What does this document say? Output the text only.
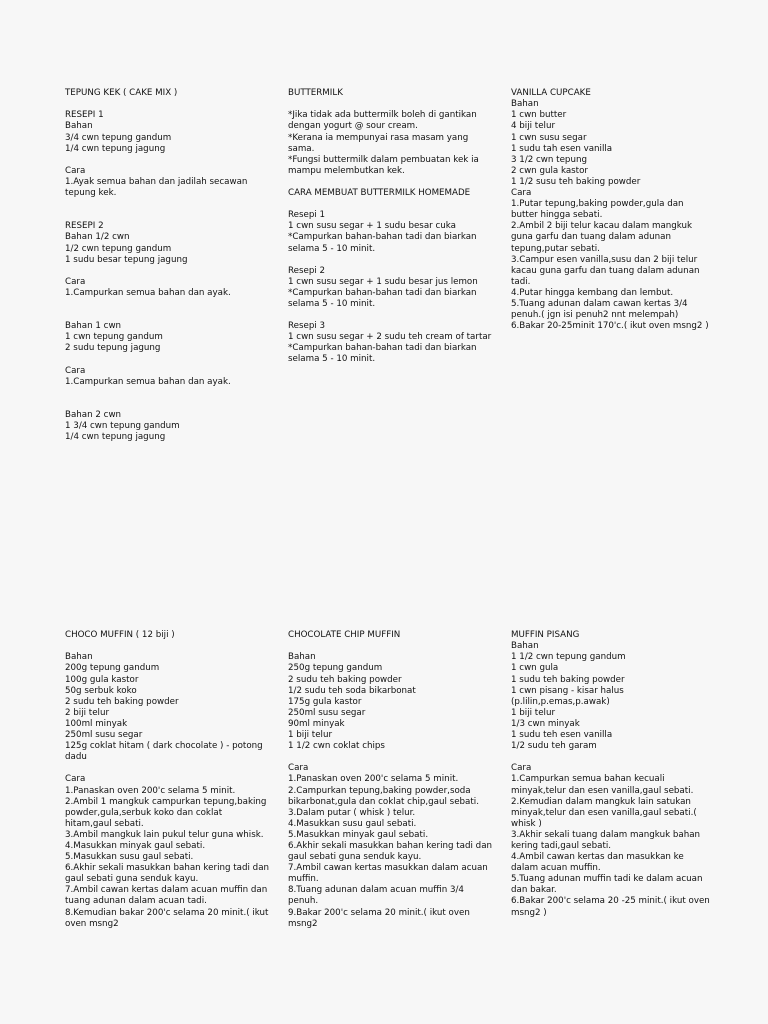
TEPUNG KEK ( CAKE MIX )

RESEPI 1
Bahan
3/4 cwn tepung gandum
1/4 cwn tepung jagung

Cara
1.Ayak semua bahan dan jadilah secawan tepung kek.

RESEPI 2
Bahan 1/2 cwn
1/2 cwn tepung gandum
1 sudu besar tepung jagung

Cara
1.Campurkan semua bahan dan ayak.

Bahan 1 cwn
1 cwn tepung gandum
2 sudu tepung jagung

Cara
1.Campurkan semua bahan dan ayak.

Bahan 2 cwn
1 3/4 cwn tepung gandum
1/4 cwn tepung jagung

BUTTERMILK

*Jika tidak ada buttermilk boleh di gantikan dengan yogurt @ sour cream.
*Kerana ia mempunyai rasa masam yang sama.
*Fungsi buttermilk dalam pembuatan kek ia mampu melembutkan kek.

CARA MEMBUAT BUTTERMILK HOMEMADE

Resepi 1
1 cwn susu segar + 1 sudu besar cuka
*Campurkan bahan-bahan tadi dan biarkan selama 5 - 10 minit.

Resepi 2
1 cwn susu segar + 1 sudu besar jus lemon
*Campurkan bahan-bahan tadi dan biarkan selama 5 - 10 minit.

Resepi 3
1 cwn susu segar + 2 sudu teh cream of tartar
*Campurkan bahan-bahan tadi dan biarkan selama 5 - 10 minit.

VANILLA CUPCAKE
Bahan
1 cwn butter
4 biji telur
1 cwn susu segar
1 sudu tah esen vanilla
3 1/2 cwn tepung
2 cwn gula kastor
1 1/2 susu teh baking powder
Cara
1.Putar tepung,baking powder,gula dan butter hingga sebati.
2.Ambil 2 biji telur kacau dalam mangkuk guna garfu dan tuang dalam adunan tepung,putar sebati.
3.Campur esen vanilla,susu dan 2 biji telur kacau guna garfu dan tuang dalam adunan tadi.
4.Putar hingga kembang dan lembut.
5.Tuang adunan dalam cawan kertas 3/4 penuh.( jgn isi penuh2 nnt melempah)
6.Bakar 20-25minit 170'c.( ikut oven msng2 )

CHOCO MUFFIN ( 12 biji )

Bahan
200g tepung gandum
100g gula kastor
50g serbuk koko
2 sudu teh baking powder
2 biji telur
100ml minyak
250ml susu segar
125g coklat hitam ( dark chocolate ) - potong dadu

Cara
1.Panaskan oven 200'c selama 5 minit.
2.Ambil 1 mangkuk campurkan tepung,baking powder,gula,serbuk koko dan coklat hitam,gaul sebati.
3.Ambil mangkuk lain pukul telur guna whisk.
4.Masukkan minyak gaul sebati.
5.Masukkan susu gaul sebati.
6.Akhir sekali masukkan bahan kering tadi dan gaul sebati guna senduk kayu.
7.Ambil cawan kertas dalam acuan muffin dan tuang adunan dalam acuan tadi.
8.Kemudian bakar 200'c selama 20 minit.( ikut oven msng2

CHOCOLATE CHIP MUFFIN

Bahan
250g tepung gandum
2 sudu teh baking powder
1/2 sudu teh soda bikarbonat
175g gula kastor
250ml susu segar
90ml minyak
1 biji telur
1 1/2 cwn coklat chips

Cara
1.Panaskan oven 200'c selama 5 minit.
2.Campurkan tepung,baking powder,soda bikarbonat,gula dan coklat chip,gaul sebati.
3.Dalam putar ( whisk ) telur.
4.Masukkan susu gaul sebati.
5.Masukkan minyak gaul sebati.
6.Akhir sekali masukkan bahan kering tadi dan gaul sebati guna senduk kayu.
7.Ambil cawan kertas masukkan dalam acuan muffin.
8.Tuang adunan dalam acuan muffin 3/4 penuh.
9.Bakar 200'c selama 20 minit.( ikut oven msng2

MUFFIN PISANG
Bahan
1 1/2 cwn tepung gandum
1 cwn gula
1 sudu teh baking powder
1 cwn pisang - kisar halus (p.lilin,p.emas,p.awak)
1 biji telur
1/3 cwn minyak
1 sudu teh esen vanilla
1/2 sudu teh garam

Cara
1.Campurkan semua bahan kecuali minyak,telur dan esen vanilla,gaul sebati.
2.Kemudian dalam mangkuk lain satukan minyak,telur dan esen vanilla,gaul sebati.( whisk )
3.Akhir sekali tuang dalam mangkuk bahan kering tadi,gaul sebati.
4.Ambil cawan kertas dan masukkan ke dalam acuan muffin.
5.Tuang adunan muffin tadi ke dalam acuan dan bakar.
6.Bakar 200'c selama 20 -25 minit.( ikut oven msng2 )
